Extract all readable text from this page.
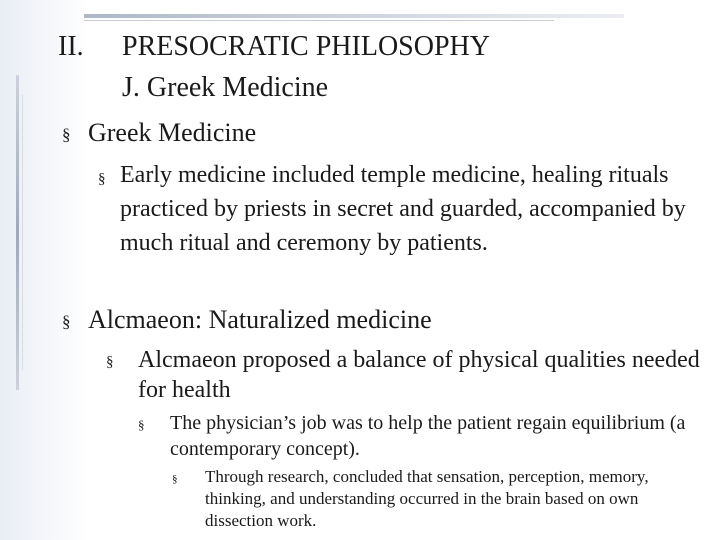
II. PRESOCRATIC PHILOSOPHY
J. Greek Medicine
§ Greek Medicine
§ Early medicine included temple medicine, healing rituals practiced by priests in secret and guarded, accompanied by much ritual and ceremony by patients.
§ Alcmaeon: Naturalized medicine
§ Alcmaeon proposed a balance of physical qualities needed for health
§ The physician’s job was to help the patient regain equilibrium (a contemporary concept).
§ Through research, concluded that sensation, perception, memory, thinking, and understanding occurred in the brain based on own dissection work.
